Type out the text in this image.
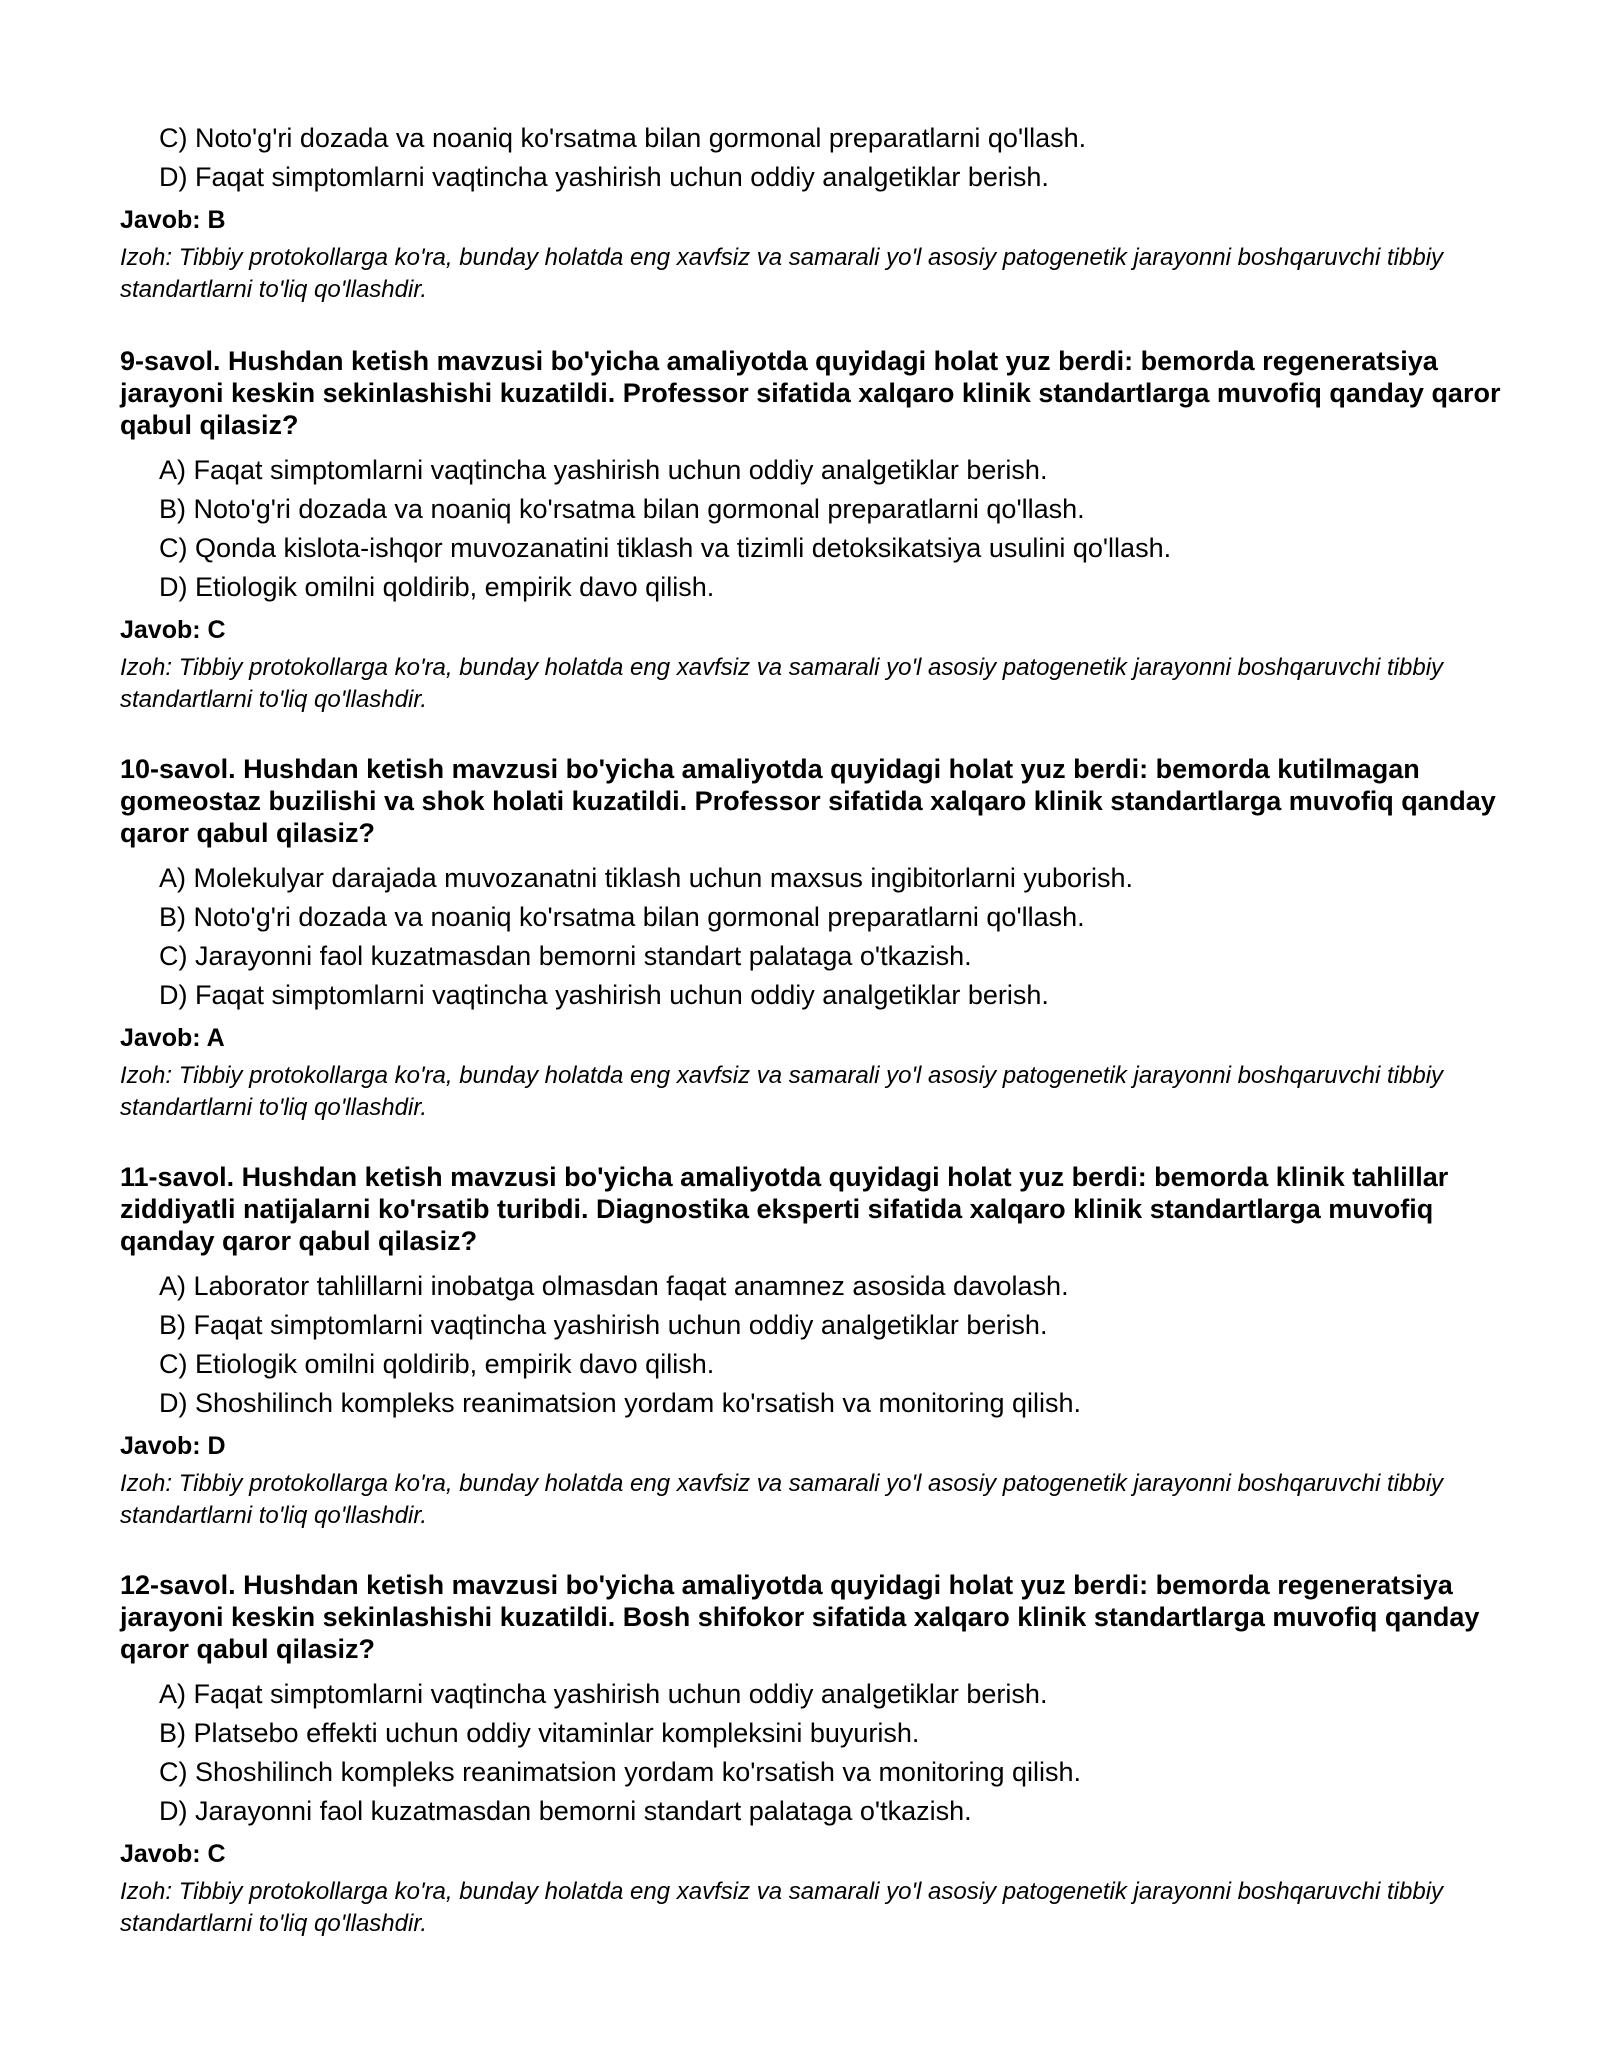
C) Noto'g'ri dozada va noaniq ko'rsatma bilan gormonal preparatlarni qo'llash.
D) Faqat simptomlarni vaqtincha yashirish uchun oddiy analgetiklar berish.
Javob: B
Izoh: Tibbiy protokollarga ko'ra, bunday holatda eng xavfsiz va samarali yo'l asosiy patogenetik jarayonni boshqaruvchi tibbiy standartlarni to'liq qo'llashdir.
9-savol. Hushdan ketish mavzusi bo'yicha amaliyotda quyidagi holat yuz berdi: bemorda regeneratsiya jarayoni keskin sekinlashishi kuzatildi. Professor sifatida xalqaro klinik standartlarga muvofiq qanday qaror qabul qilasiz?
A) Faqat simptomlarni vaqtincha yashirish uchun oddiy analgetiklar berish.
B) Noto'g'ri dozada va noaniq ko'rsatma bilan gormonal preparatlarni qo'llash.
C) Qonda kislota-ishqor muvozanatini tiklash va tizimli detoksikatsiya usulini qo'llash.
D) Etiologik omilni qoldirib, empirik davo qilish.
Javob: C
Izoh: Tibbiy protokollarga ko'ra, bunday holatda eng xavfsiz va samarali yo'l asosiy patogenetik jarayonni boshqaruvchi tibbiy standartlarni to'liq qo'llashdir.
10-savol. Hushdan ketish mavzusi bo'yicha amaliyotda quyidagi holat yuz berdi: bemorda kutilmagan gomeostaz buzilishi va shok holati kuzatildi. Professor sifatida xalqaro klinik standartlarga muvofiq qanday qaror qabul qilasiz?
A) Molekulyar darajada muvozanatni tiklash uchun maxsus ingibitorlarni yuborish.
B) Noto'g'ri dozada va noaniq ko'rsatma bilan gormonal preparatlarni qo'llash.
C) Jarayonni faol kuzatmasdan bemorni standart palataga o'tkazish.
D) Faqat simptomlarni vaqtincha yashirish uchun oddiy analgetiklar berish.
Javob: A
Izoh: Tibbiy protokollarga ko'ra, bunday holatda eng xavfsiz va samarali yo'l asosiy patogenetik jarayonni boshqaruvchi tibbiy standartlarni to'liq qo'llashdir.
11-savol. Hushdan ketish mavzusi bo'yicha amaliyotda quyidagi holat yuz berdi: bemorda klinik tahlillar ziddiyatli natijalarni ko'rsatib turibdi. Diagnostika eksperti sifatida xalqaro klinik standartlarga muvofiq qanday qaror qabul qilasiz?
A) Laborator tahlillarni inobatga olmasdan faqat anamnez asosida davolash.
B) Faqat simptomlarni vaqtincha yashirish uchun oddiy analgetiklar berish.
C) Etiologik omilni qoldirib, empirik davo qilish.
D) Shoshilinch kompleks reanimatsion yordam ko'rsatish va monitoring qilish.
Javob: D
Izoh: Tibbiy protokollarga ko'ra, bunday holatda eng xavfsiz va samarali yo'l asosiy patogenetik jarayonni boshqaruvchi tibbiy standartlarni to'liq qo'llashdir.
12-savol. Hushdan ketish mavzusi bo'yicha amaliyotda quyidagi holat yuz berdi: bemorda regeneratsiya jarayoni keskin sekinlashishi kuzatildi. Bosh shifokor sifatida xalqaro klinik standartlarga muvofiq qanday qaror qabul qilasiz?
A) Faqat simptomlarni vaqtincha yashirish uchun oddiy analgetiklar berish.
B) Platsebo effekti uchun oddiy vitaminlar kompleksini buyurish.
C) Shoshilinch kompleks reanimatsion yordam ko'rsatish va monitoring qilish.
D) Jarayonni faol kuzatmasdan bemorni standart palataga o'tkazish.
Javob: C
Izoh: Tibbiy protokollarga ko'ra, bunday holatda eng xavfsiz va samarali yo'l asosiy patogenetik jarayonni boshqaruvchi tibbiy standartlarni to'liq qo'llashdir.
